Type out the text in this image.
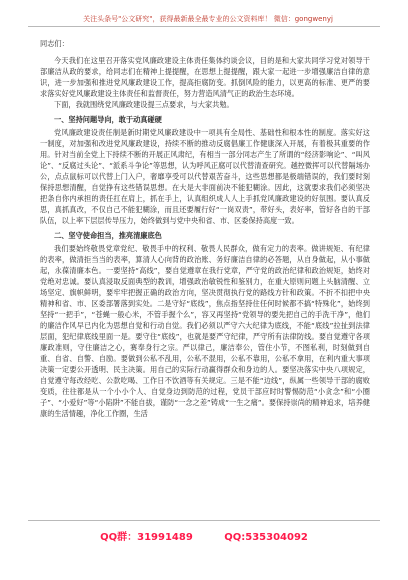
关注头条号"公文研究"，获得最新最全最专业的公文资料库！ 微信：gongwenyj

同志们：

今天我们在这里召开落实党风廉政建设主体责任集体约谈会议，目的是和大家共同学习党对领导干部廉洁从政的要求，给同志们在精神上提提醒，在思想上提提醒，跟大家一起进一步增强廉洁自律的意识，进一步加强和推进党风廉政建设工作，提高拒腐防变。抓倒风险的能力，以更高的标准、更严的要求落实好党风廉政建设主体责任和监督责任，努力营造风清气正的政治生态环境。

下面，我就围绕党风廉政建设提三点要求，与大家共勉。

一、坚持问题导向，敢于动真碰硬

党风廉政建设责任制是新时期党风廉政建设中一项具有全局性、基础性和根本性的制度。落实好这一制度，对加强和改进党风廉政建设，持续不断的推动反腐倡廉工作健康深入开展，有着极其重要的作用。针对当前全党上下持续不断的开展正风肃纪，有相当一部分同志产生了所谓的“经济影响论”、“叫风论”、“反腐过头论”、“派系斗争论”等思想，认为呼风正腐可以代替清查研究。越控微挥可以代替隔场办公，点点鼠标可以代替上门入户，奢靡享受可以代替艰苦奋斗，这些思想都是极端错误的，我们要时刻保持思想清醒，自觉挣有这些错误思想。在大是大非面前决不能犯糊涂。因此，这就要求我们必须坚决把条自你内承担的责任扛在肩上，抓在手上，认真组织成人人上手抓党风廉政建设的好氛围。要认真反思，真抓真改，不仅自己不能犯糊涂，而且还要履行好“一岗双责”，带好头，表好率，管好各自的干部队伍，以上率下层层传导压力，始终做到与党中央和省、市、区委保持高度一致。

二、坚守使命担当，推亮清廉底色

我们要始终敬畏党章党纪、敬畏手中的权利、敬畏人民群众，做有定力的表率。做讲规矩、有纪律的表率，做清拒当当的表率，算清人心向背的政治账、务好廉洁自律的必答题，从自身做起，从小事做起，永葆清廉本色。一要坚持“高线”，要自觉遵章在我行党章，严守党的政治纪律和政治规矩，始终对党绝对忠诚。要认真浸取反面典型的教训，增强政治敏锐性和鉴别力，在重大原则问题上头脑清醒、立场坚定、旗帜鲜明，要牢牢把握正确的政治方向，坚决贯彻执行党的路线方针和政策。不折不扣把中央精神和省、市、区委部署落到实处。二是守好“底线”，焦点指坚持住任何时候都不搞“特殊化”，始终到坚持“一把手”，“苍蝇一般心米，不管手握个么”，容又再坚持“党领导的要先把自己的手洗干净”，他们的廉洁作风早已内化为思想自觉和行动自觉。我们必须以严守六大纪律为底线，不能“底线”拉扯到法律层面，犯纪律底线里面一是。要守住“底线”，也就是要严守纪律，严守所有法律防线。要自觉遵守各项廉政准则，守住廉洁之心，赛奉身行之宗。严以律己，廉洁奉公，管住小节，不图私利，时刻做到自重、自省、自警、自励。要做到公私不乱用，公私不混用，公私不靠用，公私不拿用，在利内重大事项决策一定要公开透明、民主决策。用自己的实际行动赢得群众和身边的人。要坚决落实中央八项规定，自觉遵守每改经吃、公款吃喝、工作日不饮酒等有关规定。三是不能“边线”，纵属一些领导干部的腐败变质，往往都是从一个小小个人、自觉身边到防范的过程，党员干部应时时警惕防范“小贪念”和“小圈子”、“小爱好”等“小陷阱”不能自拔，谨防“一念之差”铸成“一生之痛”。要保持崇尚的精神追求，培养健康的生活情趣，净化工作圈，生活

QQ群：31991489	QQ:535304092
